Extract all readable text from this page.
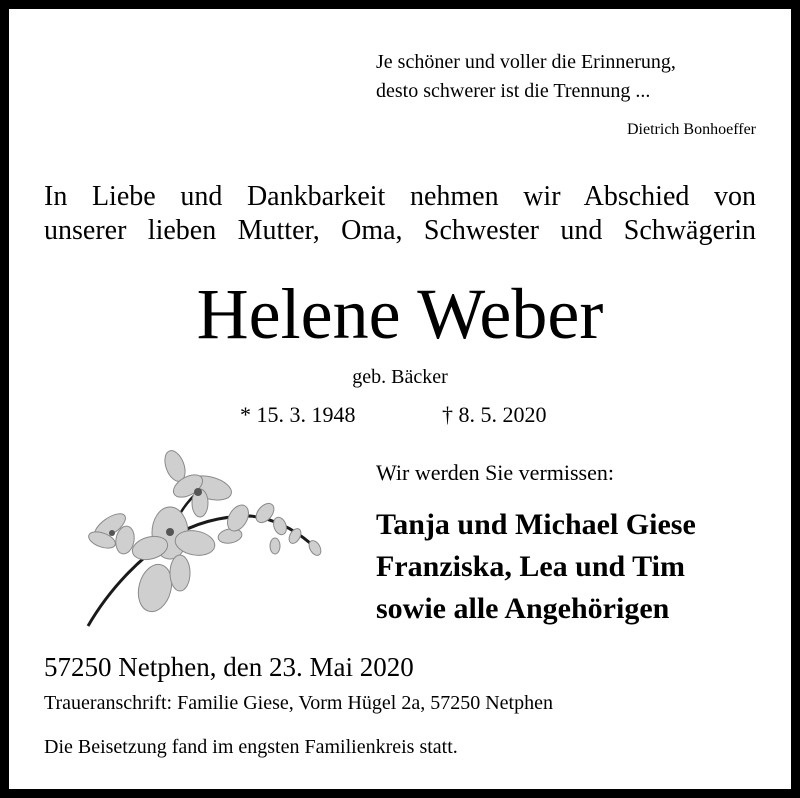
Je schöner und voller die Erinnerung,
desto schwerer ist die Trennung ...
Dietrich Bonhoeffer
In Liebe und Dankbarkeit nehmen wir Abschied von
unserer lieben Mutter, Oma, Schwester und Schwägerin
Helene Weber
geb. Bäcker
* 15. 3. 1948	† 8. 5. 2020
Wir werden Sie vermissen:
Tanja und Michael Giese
Franziska, Lea und Tim
sowie alle Angehörigen
57250 Netphen, den 23. Mai 2020
Traueranschrift: Familie Giese, Vorm Hügel 2a, 57250 Netphen
Die Beisetzung fand im engsten Familienkreis statt.
